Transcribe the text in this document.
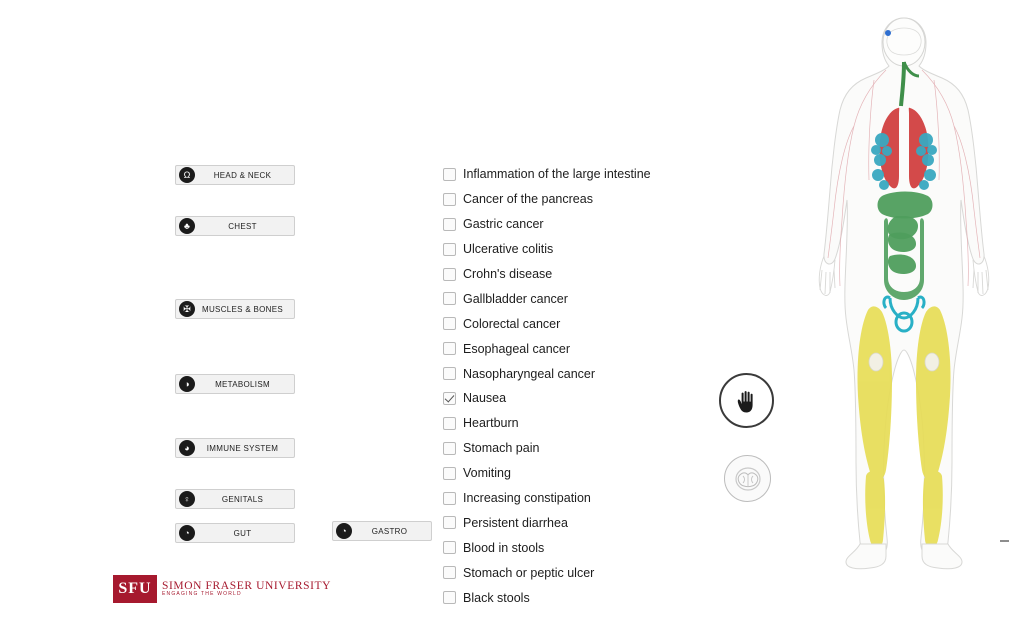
Ω	HEAD & NECK
♣	CHEST
✠	MUSCLES & BONES
◑	METABOLISM
◕	IMMUNE SYSTEM
♀	GENITALS
◔	GUT	◔	GASTRO
Inflammation of the large intestine
Cancer of the pancreas
Gastric cancer
Ulcerative colitis
Crohn's disease
Gallbladder cancer
Colorectal cancer
Esophageal cancer
Nasopharyngeal cancer
Nausea
Heartburn
Stomach pain
Vomiting
Increasing constipation
Persistent diarrhea
Blood in stools
Stomach or peptic ulcer
Black stools
SFU SIMON FRASER UNIVERSITY
ENGAGING THE WORLD
